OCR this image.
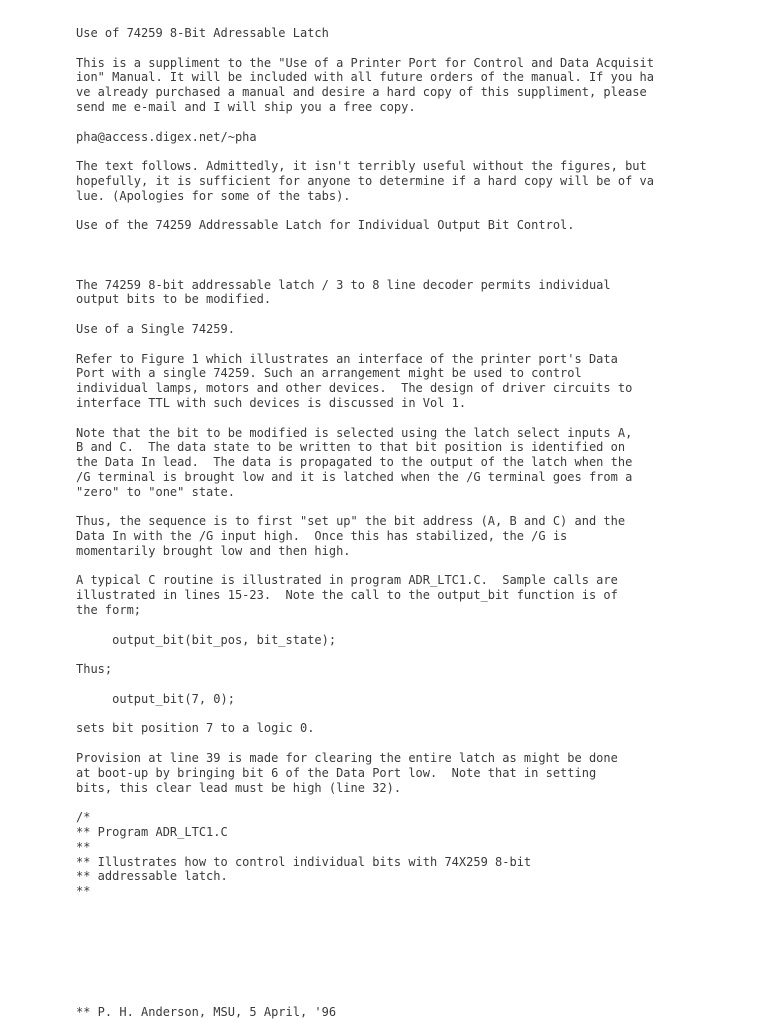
Use of 74259 8-Bit Adressable Latch
This is a suppliment to the "Use of a Printer Port for Control and Data Acquisit
ion" Manual. It will be included with all future orders of the manual. If you ha
ve already purchased a manual and desire a hard copy of this suppliment, please
send me e-mail and I will ship you a free copy.
pha@access.digex.net/~pha
The text follows. Admittedly, it isn't terribly useful without the figures, but
hopefully, it is sufficient for anyone to determine if a hard copy will be of va
lue. (Apologies for some of the tabs).
Use of the 74259 Addressable Latch for Individual Output Bit Control.
The 74259 8-bit addressable latch / 3 to 8 line decoder permits individual
output bits to be modified.
Use of a Single 74259.
Refer to Figure 1 which illustrates an interface of the printer port's Data
Port with a single 74259. Such an arrangement might be used to control
individual lamps, motors and other devices.  The design of driver circuits to
interface TTL with such devices is discussed in Vol 1.
Note that the bit to be modified is selected using the latch select inputs A,
B and C.  The data state to be written to that bit position is identified on
the Data In lead.  The data is propagated to the output of the latch when the
/G terminal is brought low and it is latched when the /G terminal goes from a
"zero" to "one" state.
Thus, the sequence is to first "set up" the bit address (A, B and C) and the
Data In with the /G input high.  Once this has stabilized, the /G is
momentarily brought low and then high.
A typical C routine is illustrated in program ADR_LTC1.C.  Sample calls are
illustrated in lines 15-23.  Note the call to the output_bit function is of
the form;
output_bit(bit_pos, bit_state);
Thus;
output_bit(7, 0);
sets bit position 7 to a logic 0.
Provision at line 39 is made for clearing the entire latch as might be done
at boot-up by bringing bit 6 of the Data Port low.  Note that in setting
bits, this clear lead must be high (line 32).
/*
** Program ADR_LTC1.C
**
** Illustrates how to control individual bits with 74X259 8-bit
** addressable latch.
**
** P. H. Anderson, MSU, 5 April, '96
